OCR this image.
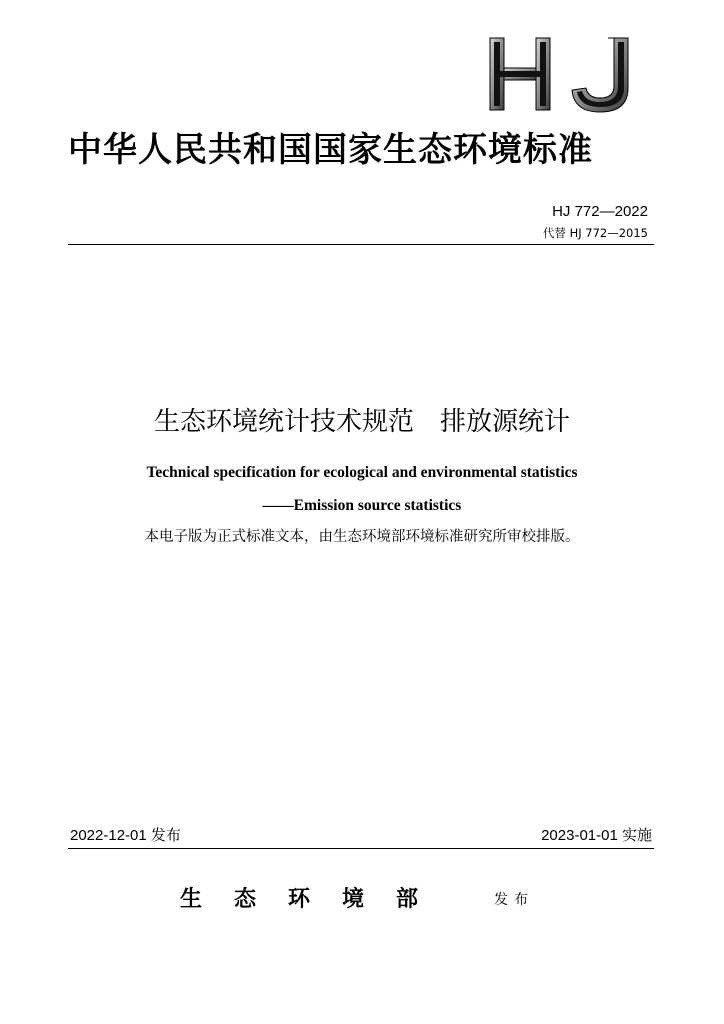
中华人民共和国国家生态环境标准
HJ 772—2022
代替 HJ 772—2015
生态环境统计技术规范　排放源统计
Technical specification for ecological and environmental statistics
——Emission source statistics
本电子版为正式标准文本，由生态环境部环境标准研究所审校排版。
2022-12-01 发布	2023-01-01 实施
生态环境部	发布
